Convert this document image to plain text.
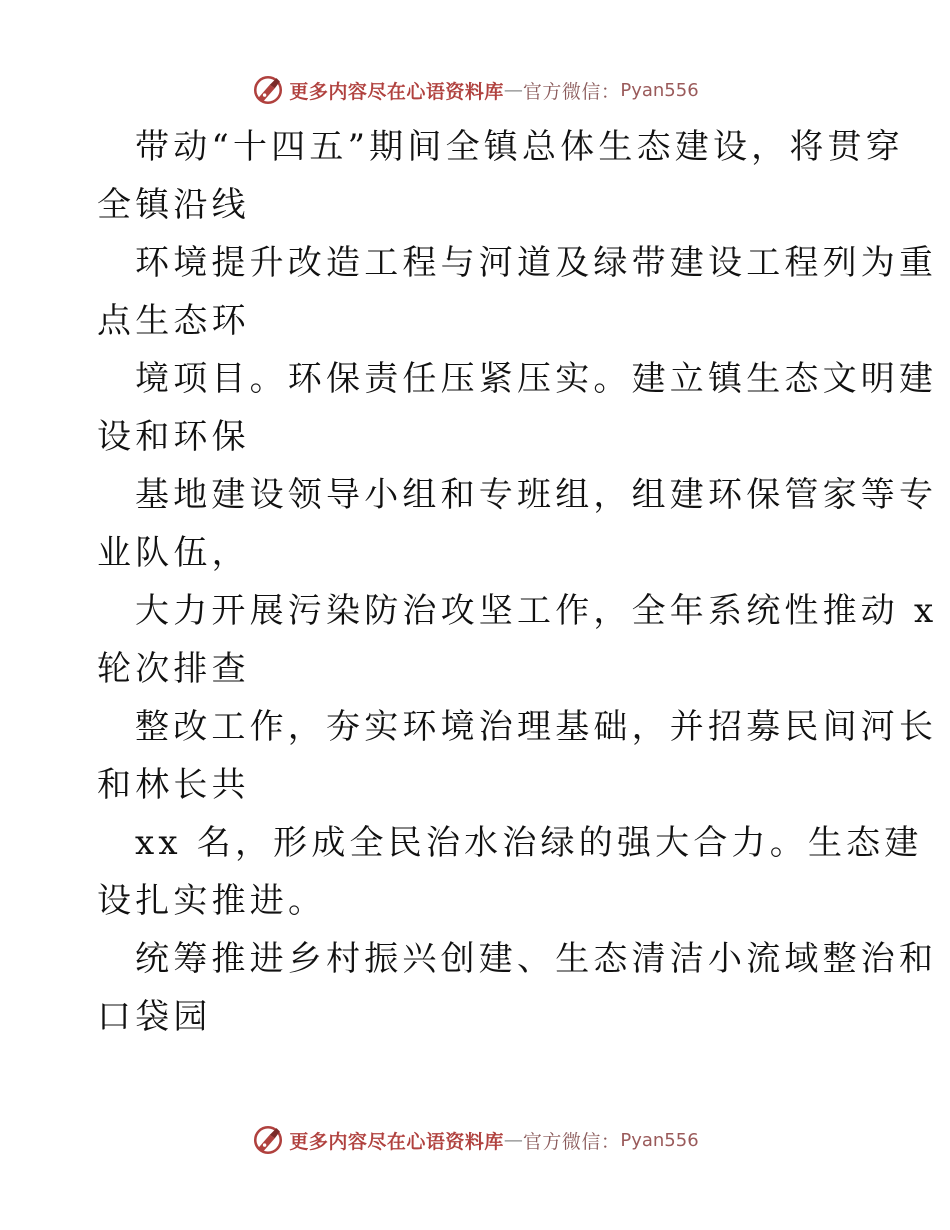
更多内容尽在心语资料库 — 官方微信： Pyan556

带动“十四五”期间全镇总体生态建设，将贯穿
全镇沿线

环境提升改造工程与河道及绿带建设工程列为重
点生态环

境项目。环保责任压紧压实。建立镇生态文明建
设和环保

基地建设领导小组和专班组，组建环保管家等专
业队伍，

大力开展污染防治攻坚工作，全年系统性推动 x
轮次排查

整改工作，夯实环境治理基础，并招募民间河长
和林长共

xx 名，形成全民治水治绿的强大合力。生态建
设扎实推进。

统筹推进乡村振兴创建、生态清洁小流域整治和
口袋园

更多内容尽在心语资料库 — 官方微信： Pyan556
